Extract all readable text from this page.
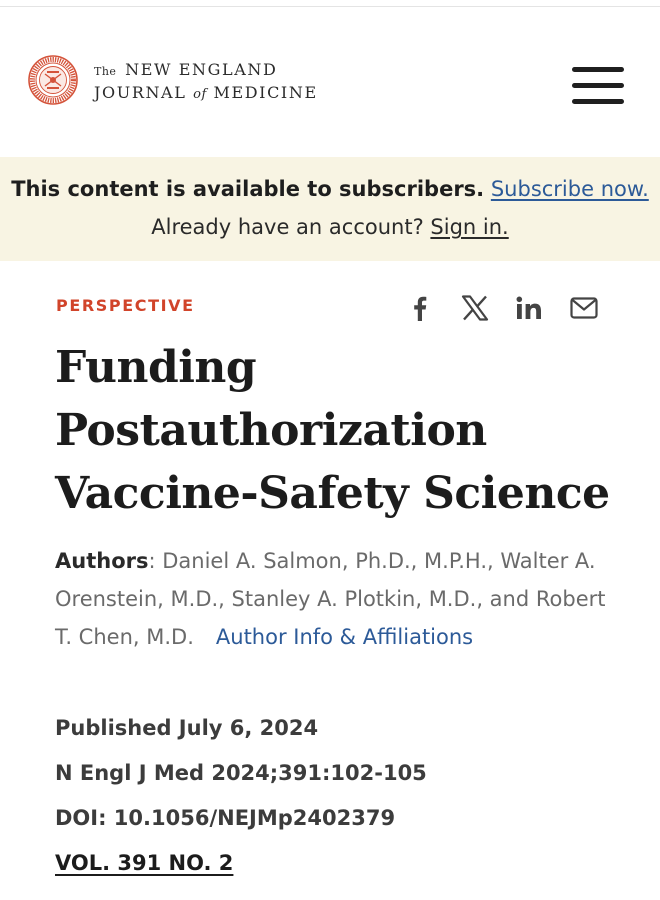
The NEW ENGLAND
JOURNAL of MEDICINE
This content is available to subscribers. Subscribe now.
Already have an account? Sign in.
PERSPECTIVE
Funding Postauthorization Vaccine-Safety Science
Authors: Daniel A. Salmon, Ph.D., M.P.H., Walter A. Orenstein, M.D., Stanley A. Plotkin, M.D., and Robert T. Chen, M.D. Author Info & Affiliations
Published July 6, 2024
N Engl J Med 2024;391:102-105
DOI: 10.1056/NEJMp2402379
VOL. 391 NO. 2
